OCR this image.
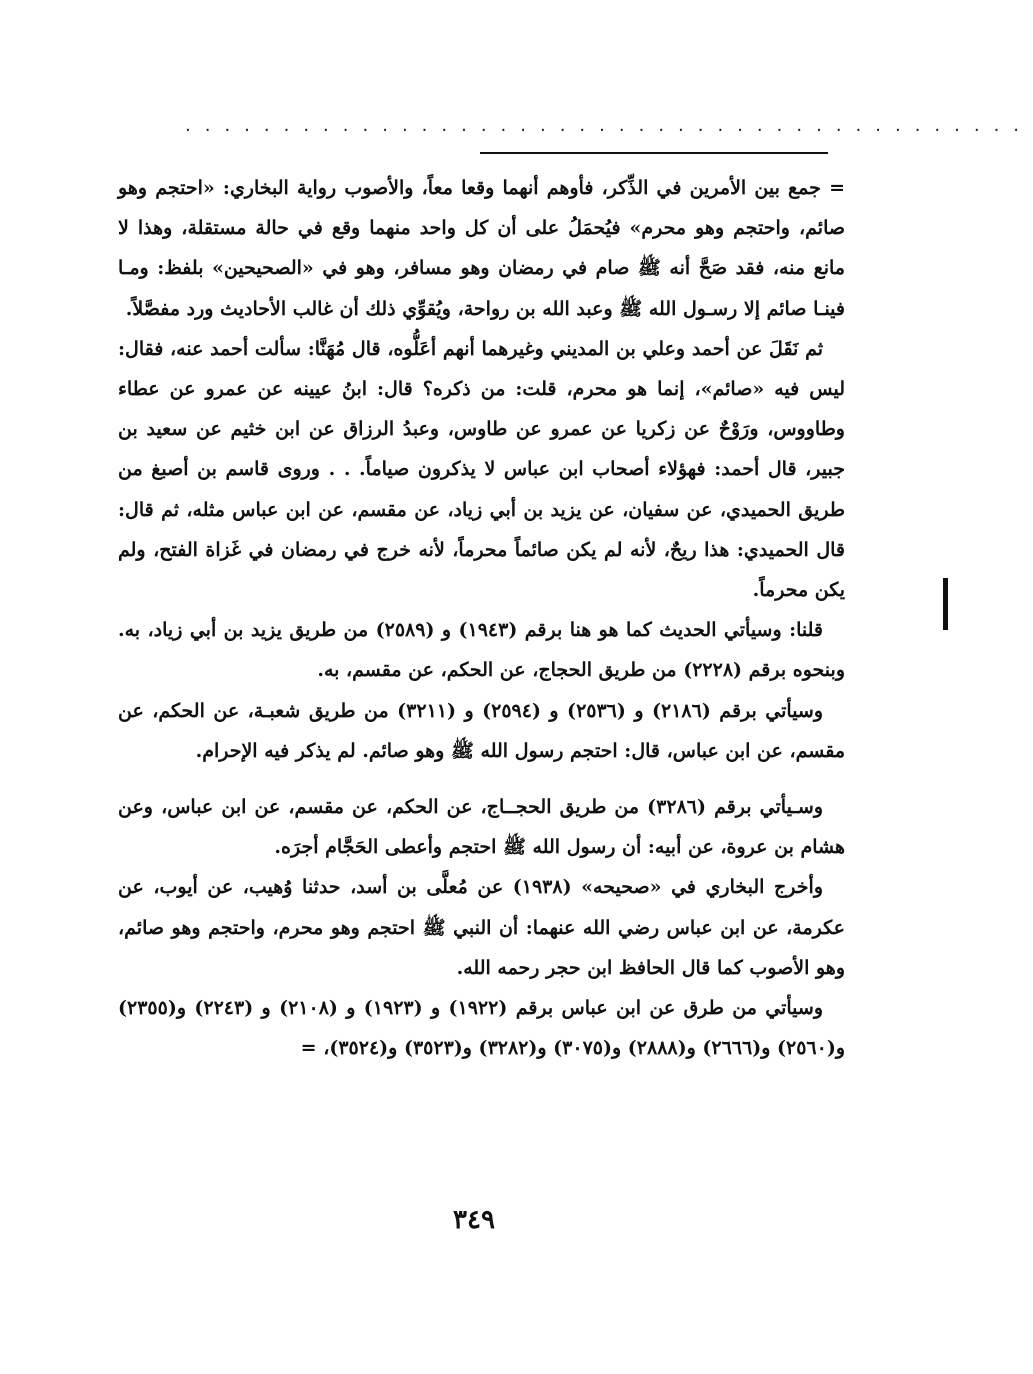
...........................................

= جمع بين الأمرين في الذِّكر، فأوهم أنهما وقعا معاً، والأصوب رواية البخاري: «احتجم وهو صائم، واحتجم وهو محرم» فيُحمَلُ على أن كل واحد منهما وقع في حالة مستقلة، وهذا لا مانع منه، فقد صَحَّ أنه ﷺ صام في رمضان وهو مسافر، وهو في «الصحيحين» بلفظ: ومـا فينـا صائم إلا رسـول الله ﷺ وعبد الله بن رواحة، ويُقوِّي ذلك أن غالب الأحاديث ورد مفصَّلاً.

ثم نَقَلَ عن أحمد وعلي بن المديني وغيرهما أنهم أعَلُّوه، قال مُهَنَّا: سألت أحمد عنه، فقال: ليس فيه «صائم»، إنما هو محرم، قلت: من ذكره؟ قال: ابنُ عيينه عن عمرو عن عطاء وطاووس، ورَوْحٌ عن زكريا عن عمرو عن طاوس، وعبدُ الرزاق عن ابن خثيم عن سعيد بن جبير، قال أحمد: فهؤلاء أصحاب ابن عباس لا يذكرون صياماً. . . وروى قاسم بن أصبغ من طريق الحميدي، عن سفيان، عن يزيد بن أبي زياد، عن مقسم، عن ابن عباس مثله، ثم قال: قال الحميدي: هذا ريحٌ، لأنه لم يكن صائماً محرماً، لأنه خرج في رمضان في غَزاة الفتح، ولم يكن محرماً.

قلنا: وسيأتي الحديث كما هو هنا برقم (١٩٤٣) و (٢٥٨٩) من طريق يزيد بن أبي زياد، به. وبنحوه برقم (٢٢٢٨) من طريق الحجاج، عن الحكم، عن مقسم، به.

وسيأتي برقم (٢١٨٦) و (٢٥٣٦) و (٢٥٩٤) و (٣٢١١) من طريق شعبـة، عن الحكم، عن مقسم، عن ابن عباس، قال: احتجم رسول الله ﷺ وهو صائم. لم يذكر فيه الإحرام.

وسـيأتي برقم (٣٢٨٦) من طريق الحجــاج، عن الحكم، عن مقسم، عن ابن عباس، وعن هشام بن عروة، عن أبيه: أن رسول الله ﷺ احتجم وأعطى الحَجَّام أجرَه.

وأخرج البخاري في «صحيحه» (١٩٣٨) عن مُعلَّى بن أسد، حدثنا وُهيب، عن أيوب، عن عكرمة، عن ابن عباس رضي الله عنهما: أن النبي ﷺ احتجم وهو محرم، واحتجم وهو صائم، وهو الأصوب كما قال الحافظ ابن حجر رحمه الله.

وسيأتي من طرق عن ابن عباس برقم (١٩٢٢) و (١٩٢٣) و (٢١٠٨) و (٢٢٤٣) و(٢٣٥٥) و(٢٥٦٠) و(٢٦٦٦) و(٢٨٨٨) و(٣٠٧٥) و(٣٢٨٢) و(٣٥٢٣) و(٣٥٢٤)، =

٣٤٩
